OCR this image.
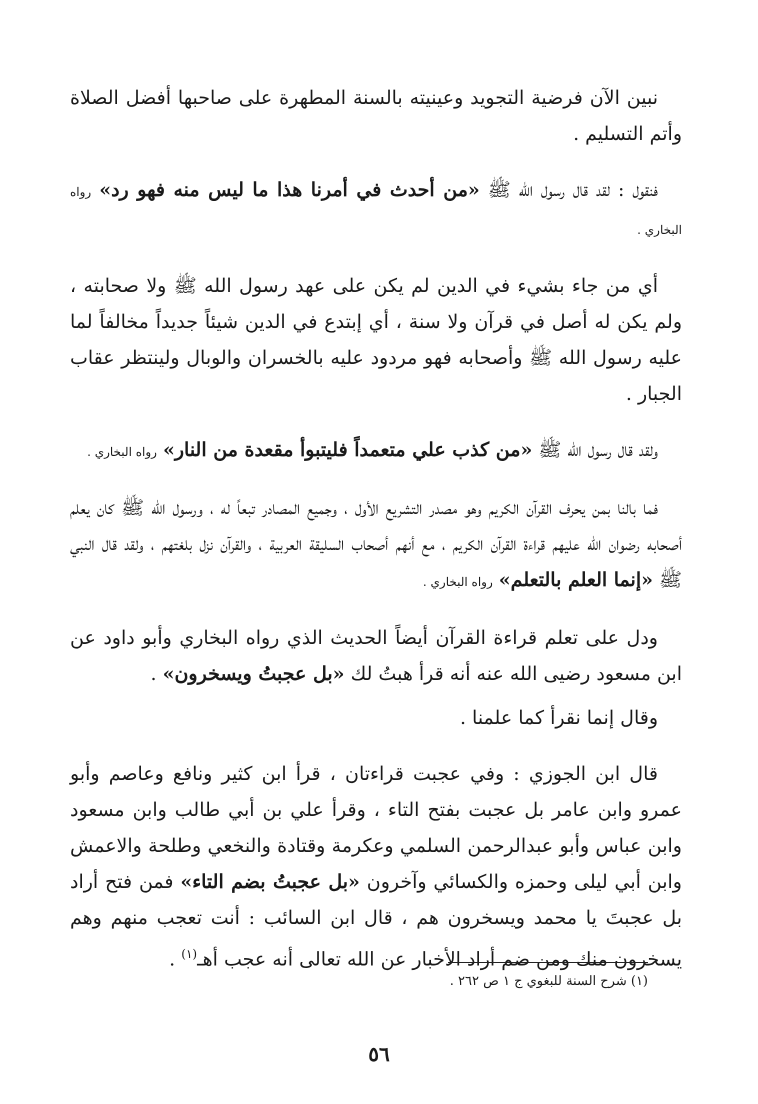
نبين الآن فرضية التجويد وعينيته بالسنة المطهرة على صاحبها أفضل الصلاة وأتم التسليم .

فنقول : لقد قال رسول الله ﷺ «من أحدث في أمرنا هذا ما ليس منه فهو رد» رواه البخاري .

أي من جاء بشيء في الدين لم يكن على عهد رسول الله ﷺ ولا صحابته ، ولم يكن له أصل في قرآن ولا سنة ، أي إبتدع في الدين شيئاً جديداً مخالفاً لما عليه رسول الله ﷺ وأصحابه فهو مردود عليه بالخسران والوبال ولينتظر عقاب الجبار .

ولقد قال رسول الله ﷺ «من كذب علي متعمداً فليتبوأ مقعدة من النار» رواه البخاري .

فما بالنا بمن يحرف القرآن الكريم وهو مصدر التشريع الأول ، وجميع المصادر تبعاً له ، ورسول الله ﷺ كان يعلم أصحابه رضوان الله عليهم قراءة القرآن الكريم ، مع أنهم أصحاب السليقة العربية ، والقرآن نزل بلغتهم ، ولقد قال النبي ﷺ «إنما العلم بالتعلم» رواه البخاري .

ودل على تعلم قراءة القرآن أيضاً الحديث الذي رواه البخاري وأبو داود عن ابن مسعود رضيى الله عنه أنه قرأ هبتُ لك «بل عجبتُ ويسخرون» .

وقال إنما نقرأ كما علمنا .

قال ابن الجوزي : وفي عجبت قراءتان ، قرأ ابن كثير ونافع وعاصم وأبو عمرو وابن عامر بل عجبت بفتح التاء ، وقرأ علي بن أبي طالب وابن مسعود وابن عباس وأبو عبدالرحمن السلمي وعكرمة وقتادة والنخعي وطلحة والاعمش وابن أبي ليلى وحمزه والكسائي وآخرون «بل عجبتُ بضم التاء» فمن فتح أراد بل عجبتَ يا محمد ويسخرون هم ، قال ابن السائب : أنت تعجب منهم وهم يسخرون منك ومن ضم أراد الأخبار عن الله تعالى أنه عجب أهـ$^{(١)}$ .

(١) شرح السنة للبغوي ج ١ ص ٢٦٢ .
٥٦
